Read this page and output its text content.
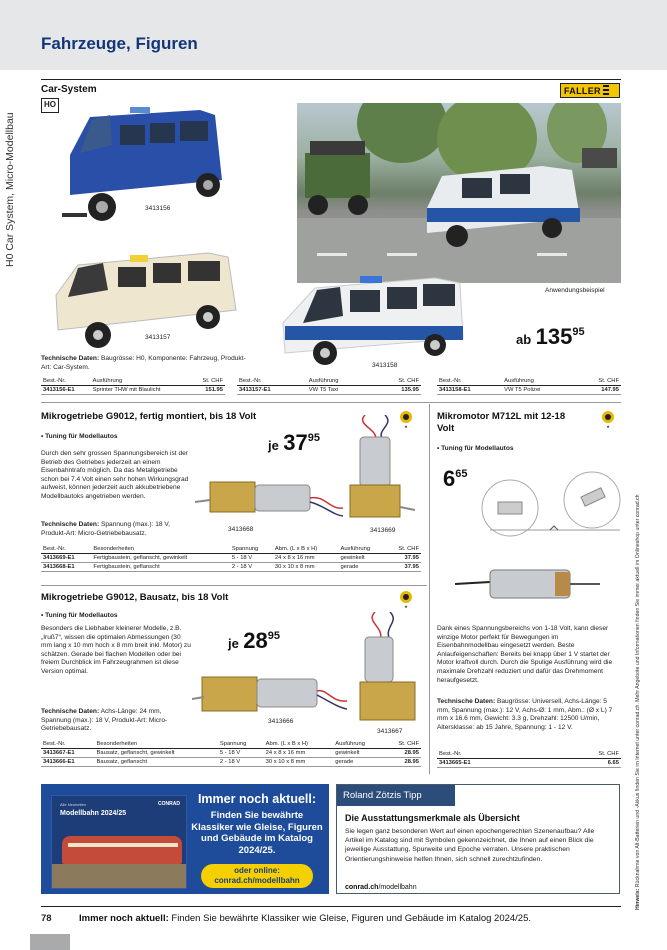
Fahrzeuge, Figuren
H0 Car System, Micro-Modellbau
Hinweis: Rücknahme von Alt-Batterien und -Akkus finden Sie im Internet unter conrad.ch. Mehr Angebote und Informationen finden Sie immer aktuell im Onlineshop unter conrad.ch
Car-System
HO
FALLER
3413156
3413157
Anwendungsbeispiel
3413158
ab $135^{95}$
Technische Daten: Baugrösse: H0, Komponente: Fahrzeug, Produkt-Art: Car-System.
Best.-Nr.	Ausführung	St. CHF
3413156-E1	Sprinter THW mit Blaulicht	151.95
Best.-Nr.	Ausführung	St. CHF
3413157-E1	VW T5 Taxi	135.95
Best.-Nr.	Ausführung	St. CHF
3413158-E1	VW T5 Polizei	147.95
Mikrogetriebe G9012, fertig montiert, bis 18 Volt
★
• Tuning für Modellautos
Durch den sehr grossen Spannungsbereich ist der Betrieb des Getriebes jederzeit an einem Eisenbahntrafo möglich. Da das Metallgetriebe schon bei 7.4 Volt einen sehr hohen Wirkungsgrad aufweist, können jederzeit auch akkubetriebene Modellbautoks angetrieben werden.
Technische Daten: Spannung (max.): 18 V, Produkt-Art: Micro-Getriebebausatz.
je $37^{95}$
3413668	3413669
Best.-Nr.	Besonderheiten	Spannung	Abm. (L x B x H)	Ausführung	St. CHF
3413669-E1	Fertigbaustein, geflanscht, gewinkelt	5 - 18 V	24 x 8 x 16 mm	gewinkelt	37.95
3413668-E1	Fertigbaustein, geflanscht	2 - 18 V	30 x 10 x 8 mm	gerade	37.95
Mikromotor M712L mit 12-18 Volt	★
• Tuning für Modellautos
$6^{65}$
Dank eines Spannungsbereichs von 1-18 Volt, kann dieser winzige Motor perfekt für Bewegungen im Eisenbahnmodellbau eingesetzt werden. Beste Anlaufeigenschaften: Bereits bei knapp über 1 V startet der Motor kraftvoll durch. Durch die Spulige Ausführung wird die maximale Drehzahl reduziert und dafür das Drehmoment heraufgesetzt.
Technische Daten: Baugrösse: Universell, Achs-Länge: 5 mm, Spannung (max.): 12 V, Achs-Ø: 1 mm, Abm.: (Ø x L) 7 mm x 16.6 mm, Gewicht: 3.3 g, Drehzahl: 12500 U/min, Altersklasse: ab 15 Jahre, Spannung: 1 - 12 V.
Best.-Nr.	St. CHF
3413665-E1	6.65
Mikrogetriebe G9012, Bausatz, bis 18 Volt
★
• Tuning für Modellautos
Besonders die Liebhaber kleinerer Modelle, z.B. „Iruß7“, wissen die optimalen Abmessungen (30 mm lang x 10 mm hoch x 8 mm breit inkl. Motor) zu schätzen. Gerade bei flachen Modellen oder bei freiem Durchblick im Fahrzeugrahmen ist diese Version optimal.
Technische Daten: Achs-Länge: 24 mm, Spannung (max.): 18 V, Produkt-Art: Micro-Getriebebausatz.
je $28^{95}$
3413666
3413667
Best.-Nr.	Besonderheiten	Spannung	Abm. (L x B x H)	Ausführung	St. CHF
3413667-E1	Bausatz, geflanscht, gewinkelt	5 - 18 V	24 x 8 x 16 mm	gewinkelt	28.95
3413666-E1	Bausatz, geflanscht	2 - 18 V	30 x 10 x 8 mm	gerade	28.95
Alle Neuheiten	CONRAD
Modellbahn 2024/25
Immer noch aktuell:
Finden Sie bewährte Klassiker wie Gleise, Figuren und Gebäude im Katalog 2024/25.
oder online:
conrad.ch/modellbahn
Roland Zötzis Tipp
Die Ausstattungsmerkmale als Übersicht
Sie legen ganz besonderen Wert auf einen epochengerechten Szenenaufbau? Alle Artikel im Katalog sind mit Symbolen gekennzeichnet, die Ihnen auf einen Blick die jeweilige Ausstattung, Spurweite und Epoche verraten. Unsere praktischen Orientierungshinweise helfen Ihnen, sich schnell zurechtzufinden.
conrad.ch/modellbahn
78	Immer noch aktuell: Finden Sie bewährte Klassiker wie Gleise, Figuren und Gebäude im Katalog 2024/25.
